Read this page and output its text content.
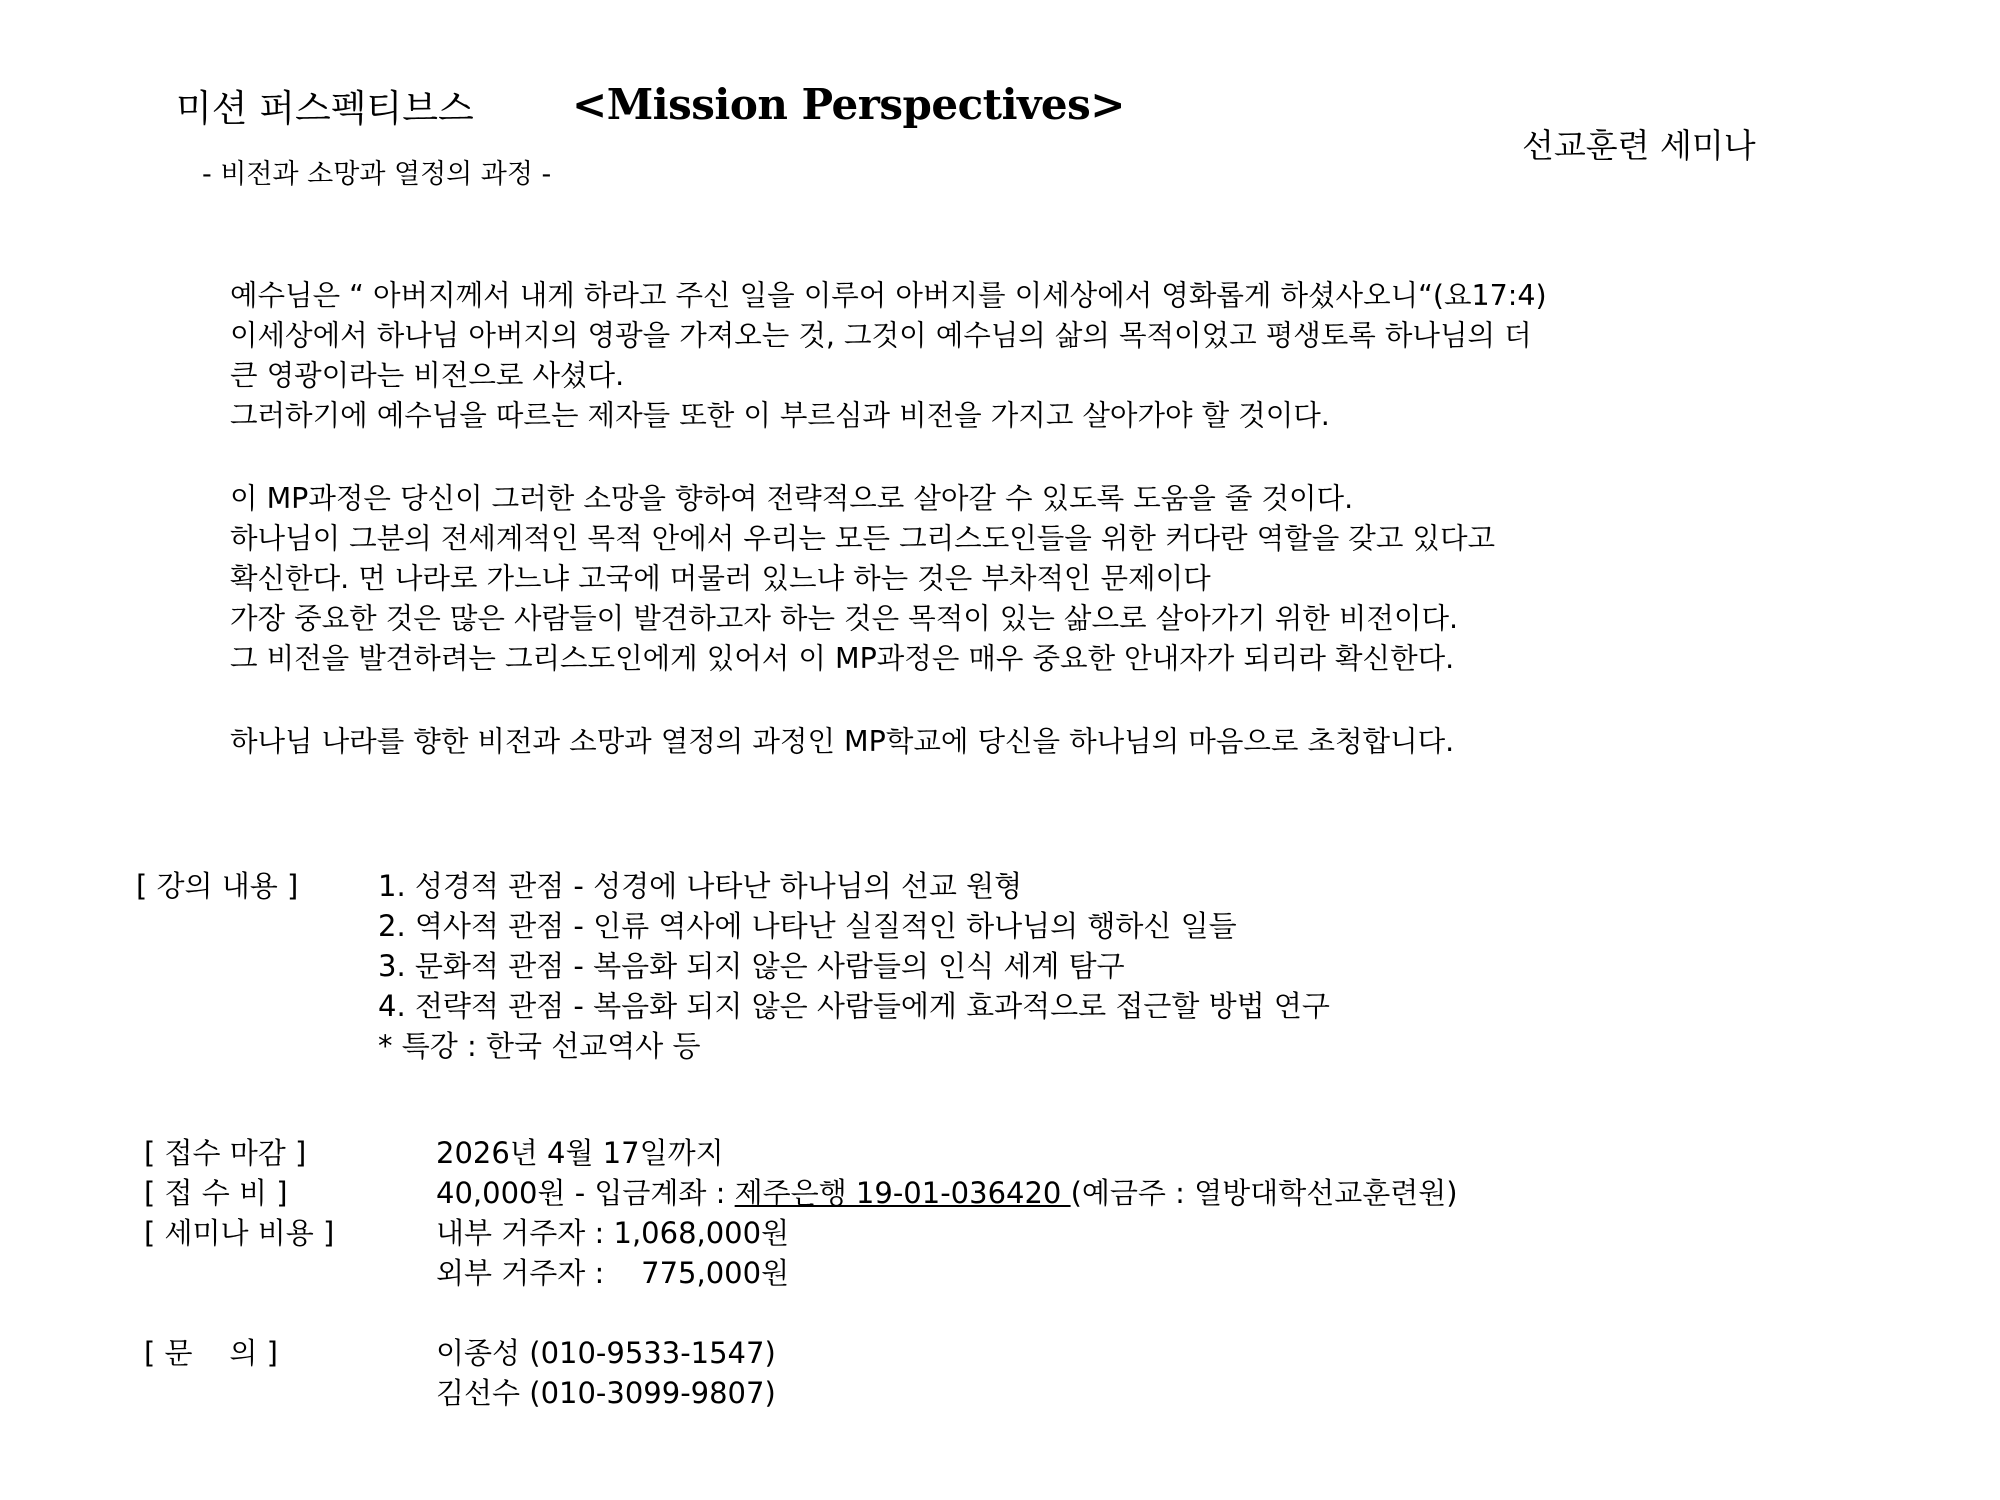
미션 퍼스펙티브스 <Mission Perspectives>
- 비전과 소망과 열정의 과정 -
선교훈련 세미나
예수님은 “ 아버지께서 내게 하라고 주신 일을 이루어 아버지를 이세상에서 영화롭게 하셨사오니“(요17:4)
이세상에서 하나님 아버지의 영광을 가져오는 것, 그것이 예수님의 삶의 목적이었고 평생토록 하나님의 더
큰 영광이라는 비전으로 사셨다.
그러하기에 예수님을 따르는 제자들 또한 이 부르심과 비전을 가지고 살아가야 할 것이다.
이 MP과정은 당신이 그러한 소망을 향하여 전략적으로 살아갈 수 있도록 도움을 줄 것이다.
하나님이 그분의 전세계적인 목적 안에서 우리는 모든 그리스도인들을 위한 커다란 역할을 갖고 있다고
확신한다. 먼 나라로 가느냐 고국에 머물러 있느냐 하는 것은 부차적인 문제이다
가장 중요한 것은 많은 사람들이 발견하고자 하는 것은 목적이 있는 삶으로 살아가기 위한 비전이다.
그 비전을 발견하려는 그리스도인에게 있어서 이 MP과정은 매우 중요한 안내자가 되리라 확신한다.
하나님 나라를 향한 비전과 소망과 열정의 과정인 MP학교에 당신을 하나님의 마음으로 초청합니다.
[ 강의 내용 ]	1. 성경적 관점 - 성경에 나타난 하나님의 선교 원형
2. 역사적 관점 - 인류 역사에 나타난 실질적인 하나님의 행하신 일들
3. 문화적 관점 - 복음화 되지 않은 사람들의 인식 세계 탐구
4. 전략적 관점 - 복음화 되지 않은 사람들에게 효과적으로 접근할 방법 연구
* 특강 : 한국 선교역사 등
[ 접수 마감 ]	2026년 4월 17일까지
[ 접 수 비 ]	40,000원 - 입금계좌 : 제주은행 19-01-036420 (예금주 : 열방대학선교훈련원)
[ 세미나 비용 ]	내부 거주자 : 1,068,000원
외부 거주자 :    775,000원
[ 문    의 ]	이종성 (010-9533-1547)
김선수 (010-3099-9807)
